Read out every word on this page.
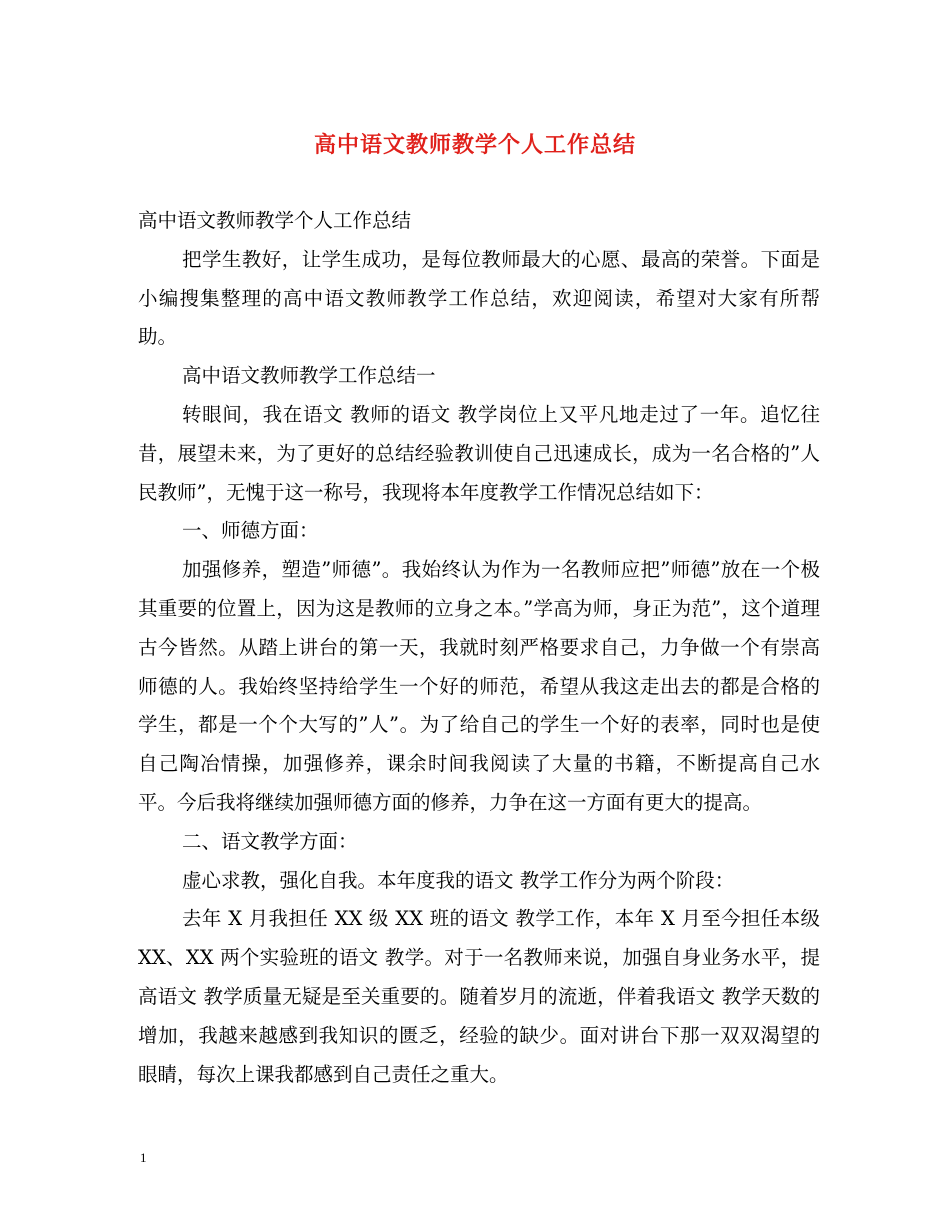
高中语文教师教学个人工作总结

高中语文教师教学个人工作总结

把学生教好，让学生成功，是每位教师最大的心愿、最高的荣誉。下面是小编搜集整理的高中语文教师教学工作总结，欢迎阅读，希望对大家有所帮助。

高中语文教师教学工作总结一

转眼间，我在语文 教师的语文 教学岗位上又平凡地走过了一年。追忆往昔，展望未来，为了更好的总结经验教训使自己迅速成长，成为一名合格的”人民教师”，无愧于这一称号，我现将本年度教学工作情况总结如下：

一、师德方面：

加强修养，塑造”师德”。我始终认为作为一名教师应把”师德”放在一个极其重要的位置上，因为这是教师的立身之本。”学高为师，身正为范”，这个道理古今皆然。从踏上讲台的第一天，我就时刻严格要求自己，力争做一个有崇高师德的人。我始终坚持给学生一个好的师范，希望从我这走出去的都是合格的学生，都是一个个大写的”人”。为了给自己的学生一个好的表率，同时也是使自己陶冶情操，加强修养，课余时间我阅读了大量的书籍，不断提高自己水平。今后我将继续加强师德方面的修养，力争在这一方面有更大的提高。

二、语文教学方面：

虚心求教，强化自我。本年度我的语文 教学工作分为两个阶段：

去年 X 月我担任 XX 级 XX 班的语文 教学工作，本年 X 月至今担任本级 XX、XX 两个实验班的语文 教学。对于一名教师来说，加强自身业务水平，提高语文 教学质量无疑是至关重要的。随着岁月的流逝，伴着我语文 教学天数的增加，我越来越感到我知识的匮乏，经验的缺少。面对讲台下那一双双渴望的眼睛，每次上课我都感到自己责任之重大。

1
